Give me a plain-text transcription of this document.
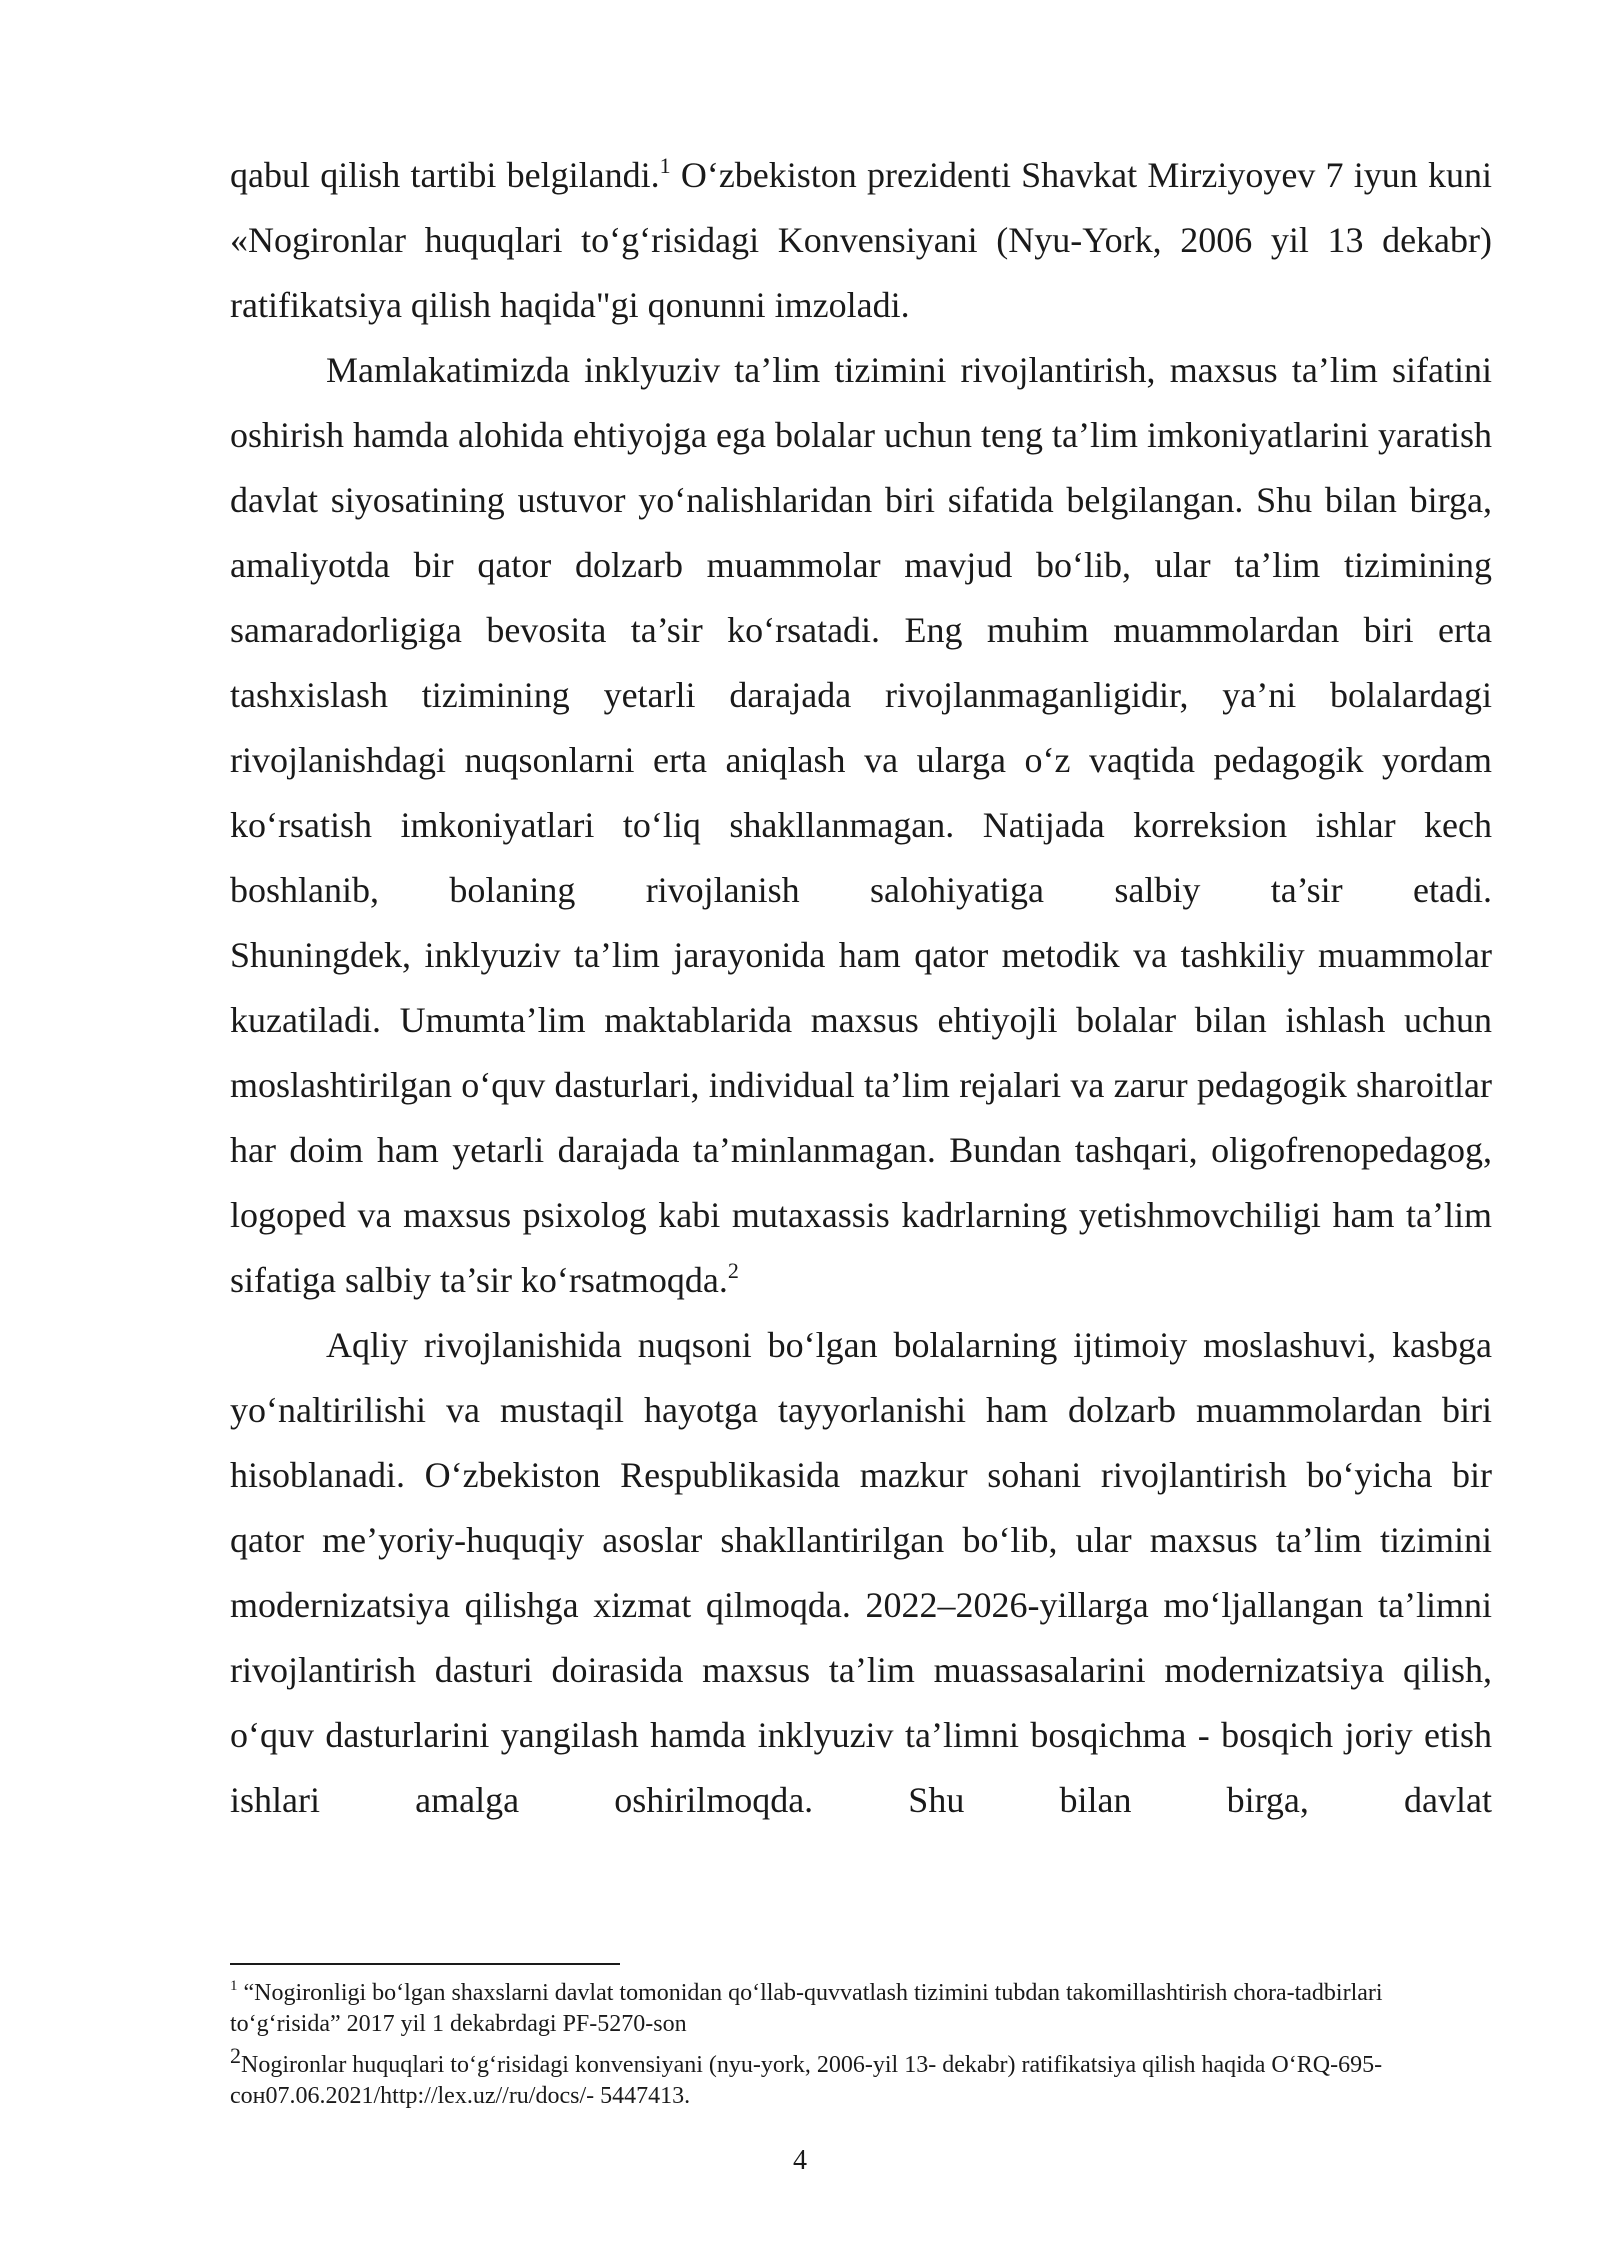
qabul qilish tartibi belgilandi.$^1$ O‘zbekiston prezidenti Shavkat Mirziyoyev 7 iyun kuni «Nogironlar huquqlari to‘g‘risidagi Konvensiyani (Nyu-York, 2006 yil 13 dekabr) ratifikatsiya qilish haqida"gi qonunni imzoladi.

Mamlakatimizda inklyuziv ta’lim tizimini rivojlantirish, maxsus ta’lim sifatini oshirish hamda alohida ehtiyojga ega bolalar uchun teng ta’lim imkoniyatlarini yaratish davlat siyosatining ustuvor yo‘nalishlaridan biri sifatida belgilangan. Shu bilan birga, amaliyotda bir qator dolzarb muammolar mavjud bo‘lib, ular ta’lim tizimining samaradorligiga bevosita ta’sir ko‘rsatadi. Eng muhim muammolardan biri erta tashxislash tizimining yetarli darajada rivojlanmaganligidir, ya’ni bolalardagi rivojlanishdagi nuqsonlarni erta aniqlash va ularga o‘z vaqtida pedagogik yordam ko‘rsatish imkoniyatlari to‘liq shakllanmagan. Natijada korreksion ishlar kech boshlanib, bolaning rivojlanish salohiyatiga salbiy ta’sir etadi.

Shuningdek, inklyuziv ta’lim jarayonida ham qator metodik va tashkiliy muammolar kuzatiladi. Umumta’lim maktablarida maxsus ehtiyojli bolalar bilan ishlash uchun moslashtirilgan o‘quv dasturlari, individual ta’lim rejalari va zarur pedagogik sharoitlar har doim ham yetarli darajada ta’minlanmagan. Bundan tashqari, oligofrenopedagog, logoped va maxsus psixolog kabi mutaxassis kadrlarning yetishmovchiligi ham ta’lim sifatiga salbiy ta’sir ko‘rsatmoqda.$^2$

Aqliy rivojlanishida nuqsoni bo‘lgan bolalarning ijtimoiy moslashuvi, kasbga yo‘naltirilishi va mustaqil hayotga tayyorlanishi ham dolzarb muammolardan biri hisoblanadi. O‘zbekiston Respublikasida mazkur sohani rivojlantirish bo‘yicha bir qator me’yoriy-huquqiy asoslar shakllantirilgan bo‘lib, ular maxsus ta’lim tizimini modernizatsiya qilishga xizmat qilmoqda. 2022–2026-yillarga mo‘ljallangan ta’limni rivojlantirish dasturi doirasida maxsus ta’lim muassasalarini modernizatsiya qilish, o‘quv dasturlarini yangilash hamda inklyuziv ta’limni bosqichma - bosqich joriy etish ishlari amalga oshirilmoqda. Shu bilan birga, davlat

$^1$ “Nogironligi bo‘lgan shaxslarni davlat tomonidan qo‘llab-quvvatlash tizimini tubdan takomillashtirish chora-tadbirlari to‘g‘risida” 2017 yil 1 dekabrdagi PF-5270-son

$^2$Nogironlar huquqlari to‘g‘risidagi konvensiyani (nyu-york, 2006-yil 13- dekabr) ratifikatsiya qilish haqida O‘RQ-695-сон07.06.2021/http://lex.uz//ru/docs/- 5447413.

4
